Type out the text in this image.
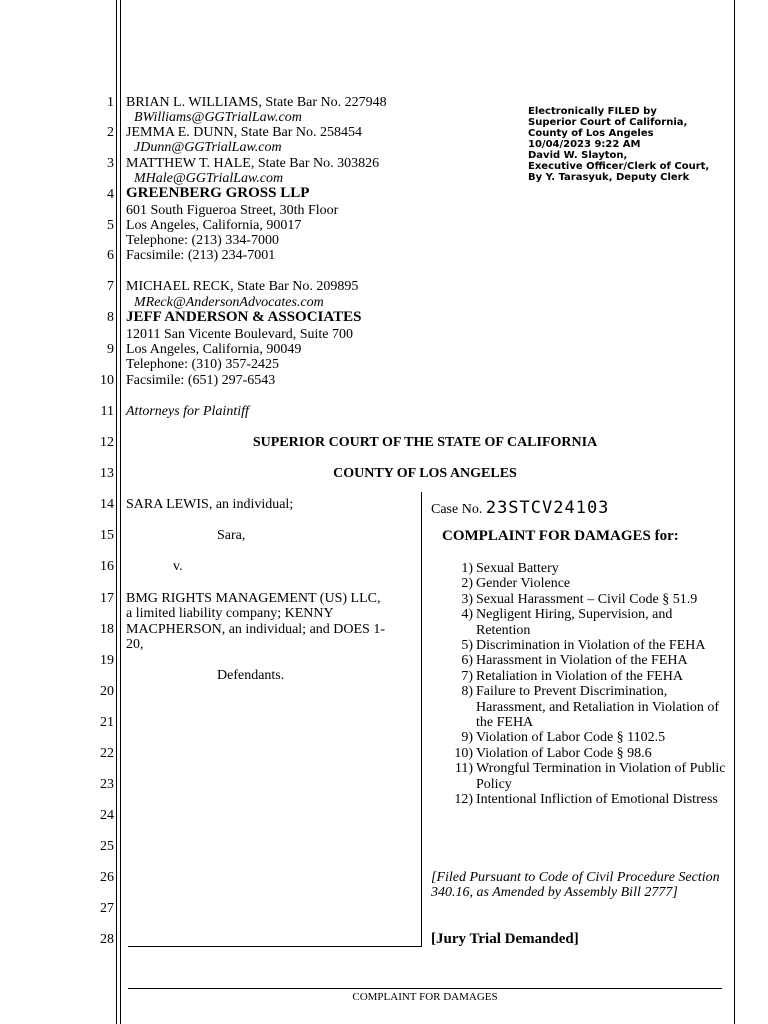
1
2
3
4
5
6
7
8
9
10
11
12
13
14
15
16
17
18
19
20
21
22
23
24
25
26
27
28
BRIAN L. WILLIAMS, State Bar No. 227948
BWilliams@GGTrialLaw.com
JEMMA E. DUNN, State Bar No. 258454
JDunn@GGTrialLaw.com
MATTHEW T. HALE, State Bar No. 303826
MHale@GGTrialLaw.com
GREENBERG GROSS LLP
601 South Figueroa Street, 30th Floor
Los Angeles, California, 90017
Telephone: (213) 334-7000
Facsimile: (213) 234-7001
MICHAEL RECK, State Bar No. 209895
MReck@AndersonAdvocates.com
JEFF ANDERSON & ASSOCIATES
12011 San Vicente Boulevard, Suite 700
Los Angeles, California, 90049
Telephone: (310) 357-2425
Facsimile: (651) 297-6543
Attorneys for Plaintiff
Electronically FILED by
Superior Court of California,
County of Los Angeles
10/04/2023 9:22 AM
David W. Slayton,
Executive Officer/Clerk of Court,
By Y. Tarasyuk, Deputy Clerk
SUPERIOR COURT OF THE STATE OF CALIFORNIA
COUNTY OF LOS ANGELES
SARA LEWIS, an individual;
Sara,
v.
BMG RIGHTS MANAGEMENT (US) LLC,
a limited liability company; KENNY
MACPHERSON, an individual; and DOES 1-
20,
Defendants.
Case No. 23STCV24103
COMPLAINT FOR DAMAGES for:
1) Sexual Battery
2) Gender Violence
3) Sexual Harassment – Civil Code § 51.9
4) Negligent Hiring, Supervision, and Retention
5) Discrimination in Violation of the FEHA
6) Harassment in Violation of the FEHA
7) Retaliation in Violation of the FEHA
8) Failure to Prevent Discrimination, Harassment, and Retaliation in Violation of the FEHA
9) Violation of Labor Code § 1102.5
10) Violation of Labor Code § 98.6
11) Wrongful Termination in Violation of Public Policy
12) Intentional Infliction of Emotional Distress
[Filed Pursuant to Code of Civil Procedure Section 340.16, as Amended by Assembly Bill 2777]
[Jury Trial Demanded]
COMPLAINT FOR DAMAGES
